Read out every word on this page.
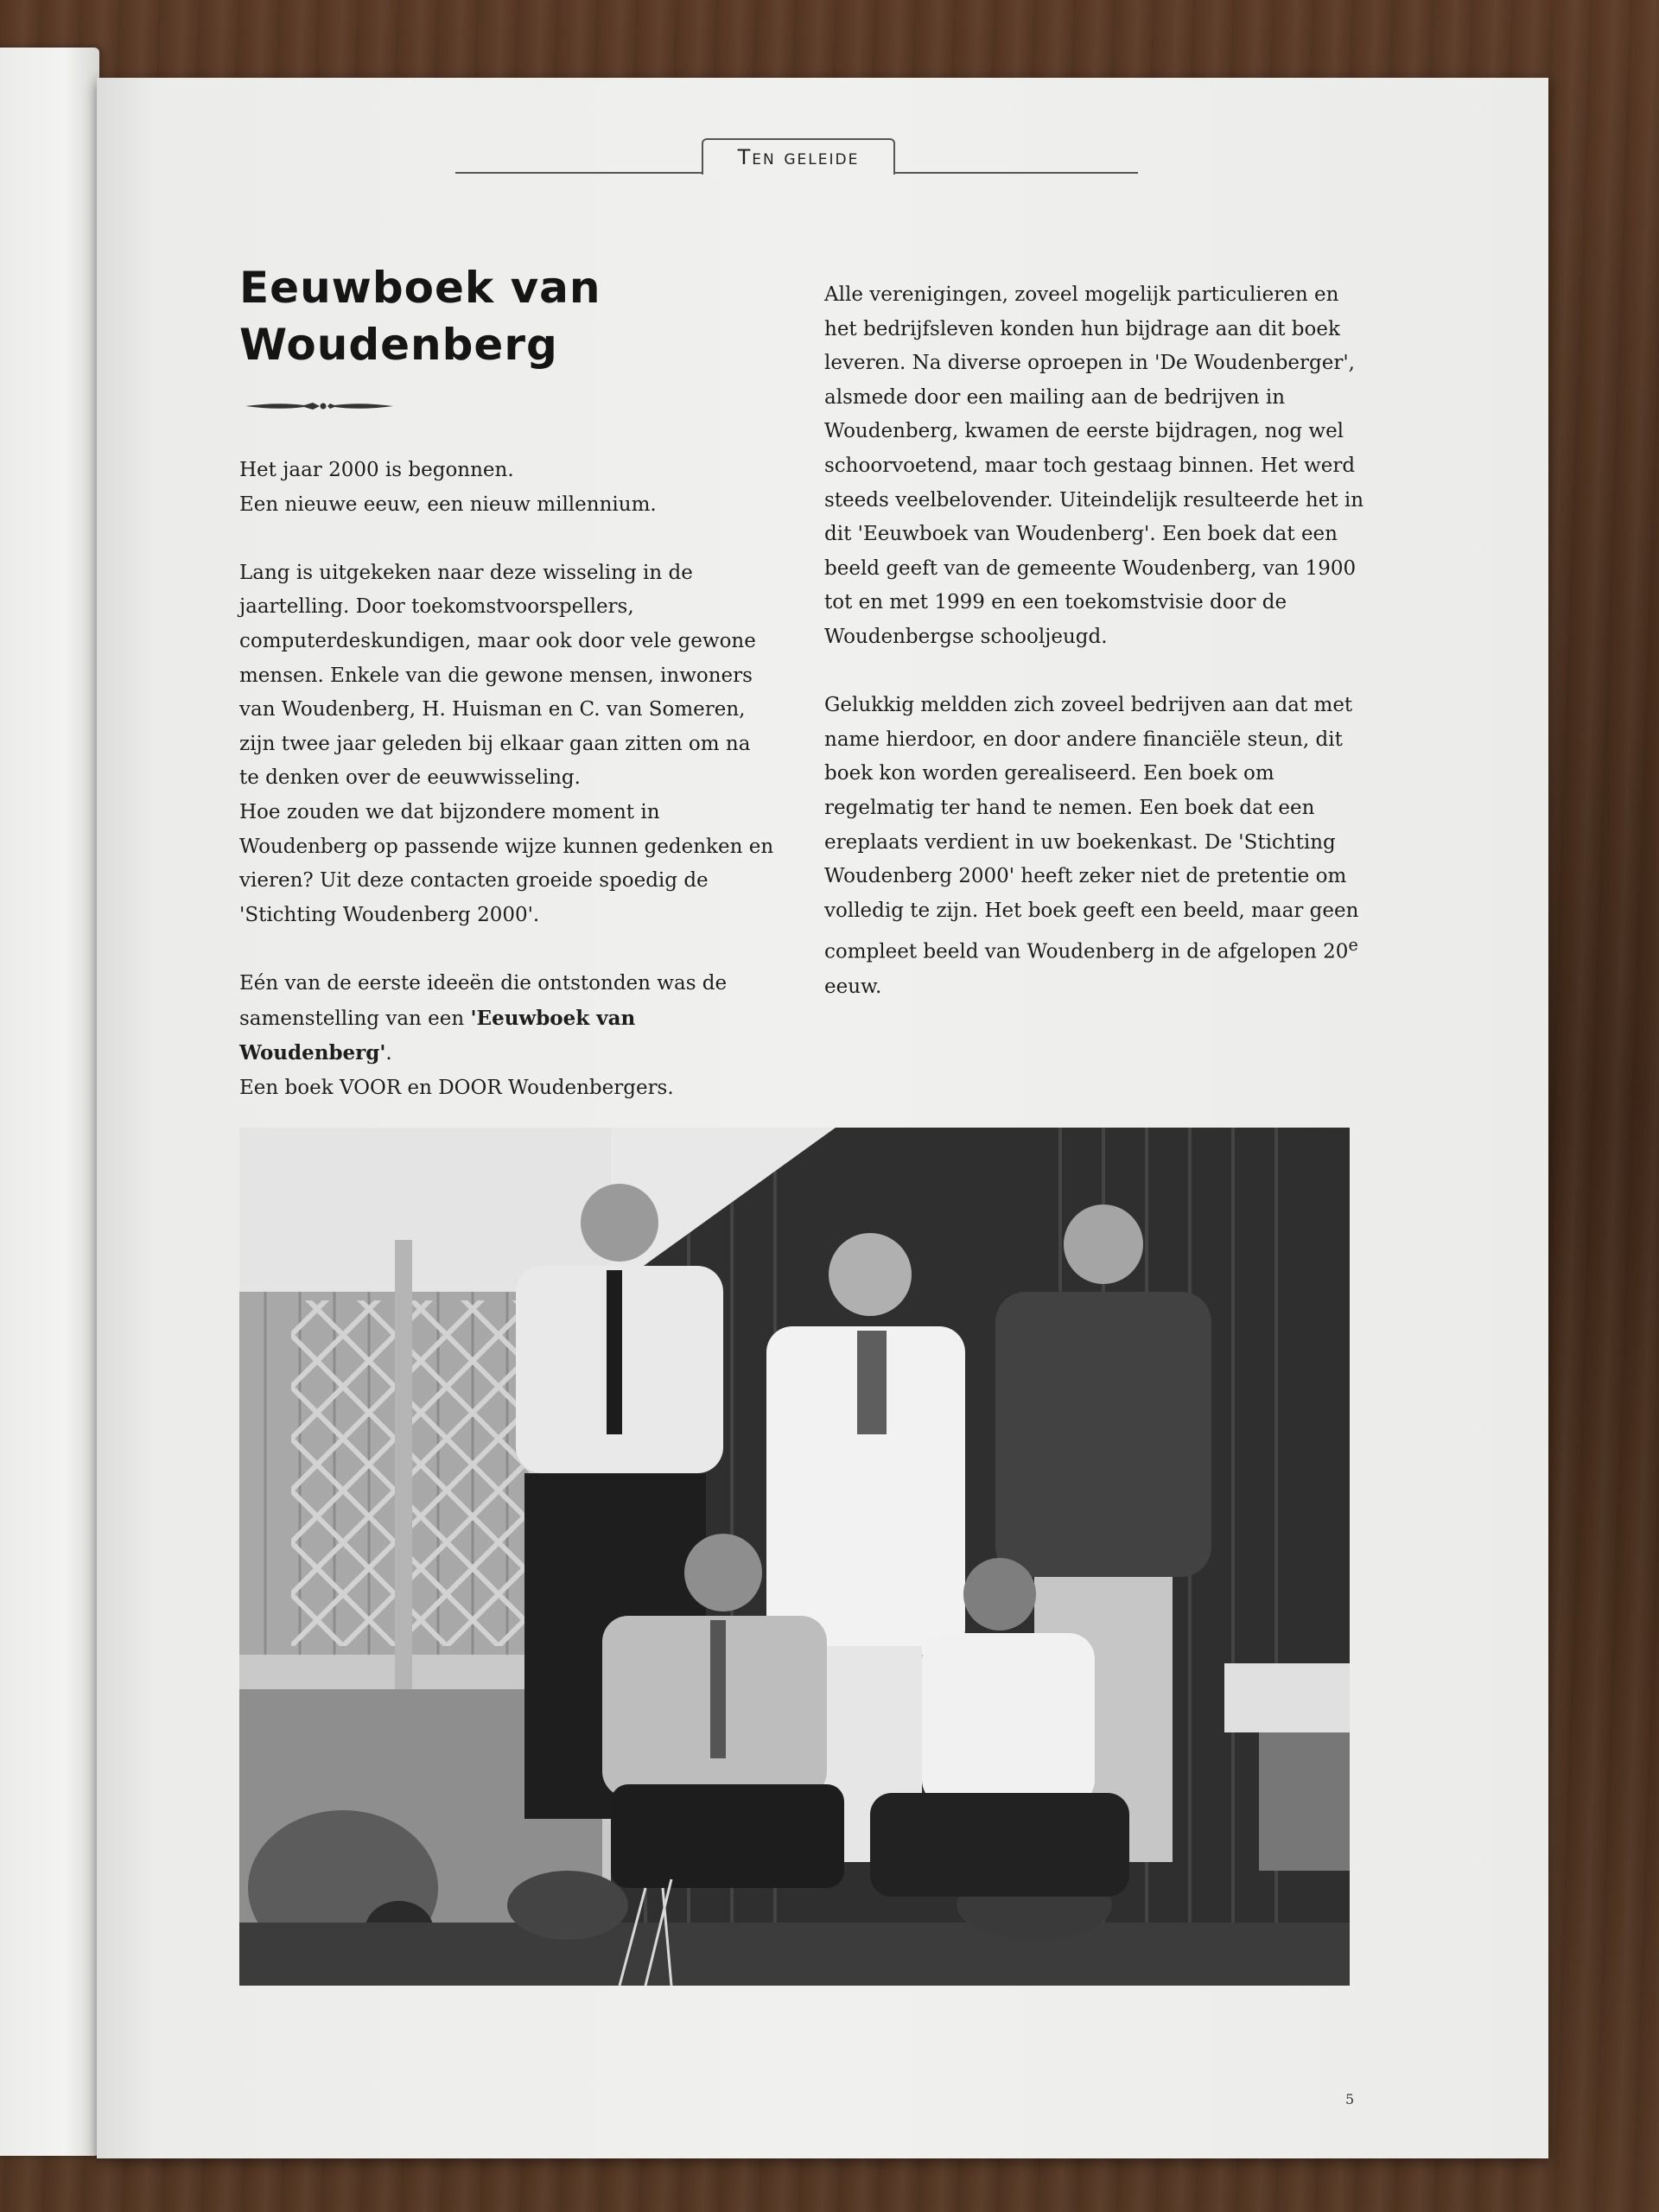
Ten geleide
Eeuwboek van
Woudenberg

Het jaar 2000 is begonnen.

Een nieuwe eeuw, een nieuw millennium.

Lang is uitgekeken naar deze wisseling in de jaartelling. Door toekomstvoorspellers, computerdeskundigen, maar ook door vele gewone mensen. Enkele van die gewone mensen, inwoners van Woudenberg, H. Huisman en C. van Someren, zijn twee jaar geleden bij elkaar gaan zitten om na te denken over de eeuwwisseling.

Hoe zouden we dat bijzondere moment in Woudenberg op passende wijze kunnen gedenken en vieren? Uit deze contacten groeide spoedig de 'Stichting Woudenberg 2000'.

Eén van de eerste ideeën die ontstonden was de samenstelling van een 'Eeuwboek van Woudenberg'.

Een boek VOOR en DOOR Woudenbergers.

Alle verenigingen, zoveel mogelijk particulieren en het bedrijfsleven konden hun bijdrage aan dit boek leveren. Na diverse oproepen in 'De Woudenberger', alsmede door een mailing aan de bedrijven in Woudenberg, kwamen de eerste bijdragen, nog wel schoorvoetend, maar toch gestaag binnen. Het werd steeds veelbelovender. Uiteindelijk resulteerde het in dit 'Eeuwboek van Woudenberg'. Een boek dat een beeld geeft van de gemeente Woudenberg, van 1900 tot en met 1999 en een toekomstvisie door de Woudenbergse schooljeugd.

Gelukkig meldden zich zoveel bedrijven aan dat met name hierdoor, en door andere financiële steun, dit boek kon worden gerealiseerd. Een boek om regelmatig ter hand te nemen. Een boek dat een ereplaats verdient in uw boekenkast. De 'Stichting Woudenberg 2000' heeft zeker niet de pretentie om volledig te zijn. Het boek geeft een beeld, maar geen compleet beeld van Woudenberg in de afgelopen 20e eeuw.

5
